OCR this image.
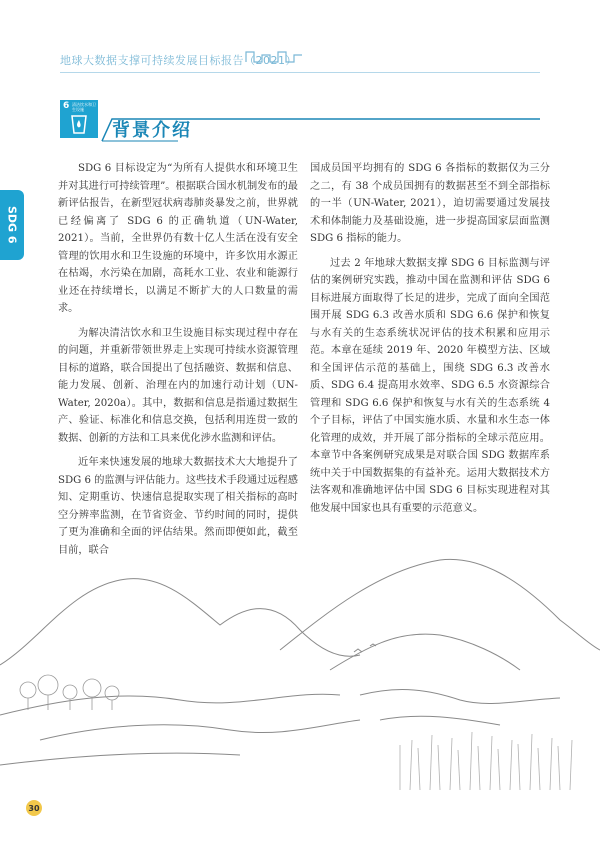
地球大数据支撑可持续发展目标报告（2021）
6 清洁饮水和卫生设施
背景介绍
SDG 6

SDG 6 目标设定为“为所有人提供水和环境卫生并对其进行可持续管理”。根据联合国水机制发布的最新评估报告，在新型冠状病毒肺炎暴发之前，世界就已经偏离了 SDG 6 的正确轨道（UN-Water, 2021）。当前，全世界仍有数十亿人生活在没有安全管理的饮用水和卫生设施的环境中，许多饮用水源正在枯竭，水污染在加剧，高耗水工业、农业和能源行业还在持续增长，以满足不断扩大的人口数量的需求。

为解决清洁饮水和卫生设施目标实现过程中存在的问题，并重新带领世界走上实现可持续水资源管理目标的道路，联合国提出了包括融资、数据和信息、能力发展、创新、治理在内的加速行动计划（UN-Water, 2020a）。其中，数据和信息是指通过数据生产、验证、标准化和信息交换，包括利用连贯一致的数据、创新的方法和工具来优化涉水监测和评估。

近年来快速发展的地球大数据技术大大地提升了 SDG 6 的监测与评估能力。这些技术手段通过远程感知、定期重访、快速信息提取实现了相关指标的高时空分辨率监测，在节省资金、节约时间的同时，提供了更为准确和全面的评估结果。然而即便如此，截至目前，联合

国成员国平均拥有的 SDG 6 各指标的数据仅为三分之二，有 38 个成员国拥有的数据甚至不到全部指标的一半（UN-Water, 2021），迫切需要通过发展技术和体制能力及基础设施，进一步提高国家层面监测 SDG 6 指标的能力。

过去 2 年地球大数据支撑 SDG 6 目标监测与评估的案例研究实践，推动中国在监测和评估 SDG 6 目标进展方面取得了长足的进步，完成了面向全国范围开展 SDG 6.3 改善水质和 SDG 6.6 保护和恢复与水有关的生态系统状况评估的技术积累和应用示范。本章在延续 2019 年、2020 年模型方法、区域和全国评估示范的基础上，围绕 SDG 6.3 改善水质、SDG 6.4 提高用水效率、SDG 6.5 水资源综合管理和 SDG 6.6 保护和恢复与水有关的生态系统 4 个子目标，评估了中国实施水质、水量和水生态一体化管理的成效，并开展了部分指标的全球示范应用。本章节中各案例研究成果是对联合国 SDG 数据库系统中关于中国数据集的有益补充。运用大数据技术方法客观和准确地评估中国 SDG 6 目标实现进程对其他发展中国家也具有重要的示范意义。

30
